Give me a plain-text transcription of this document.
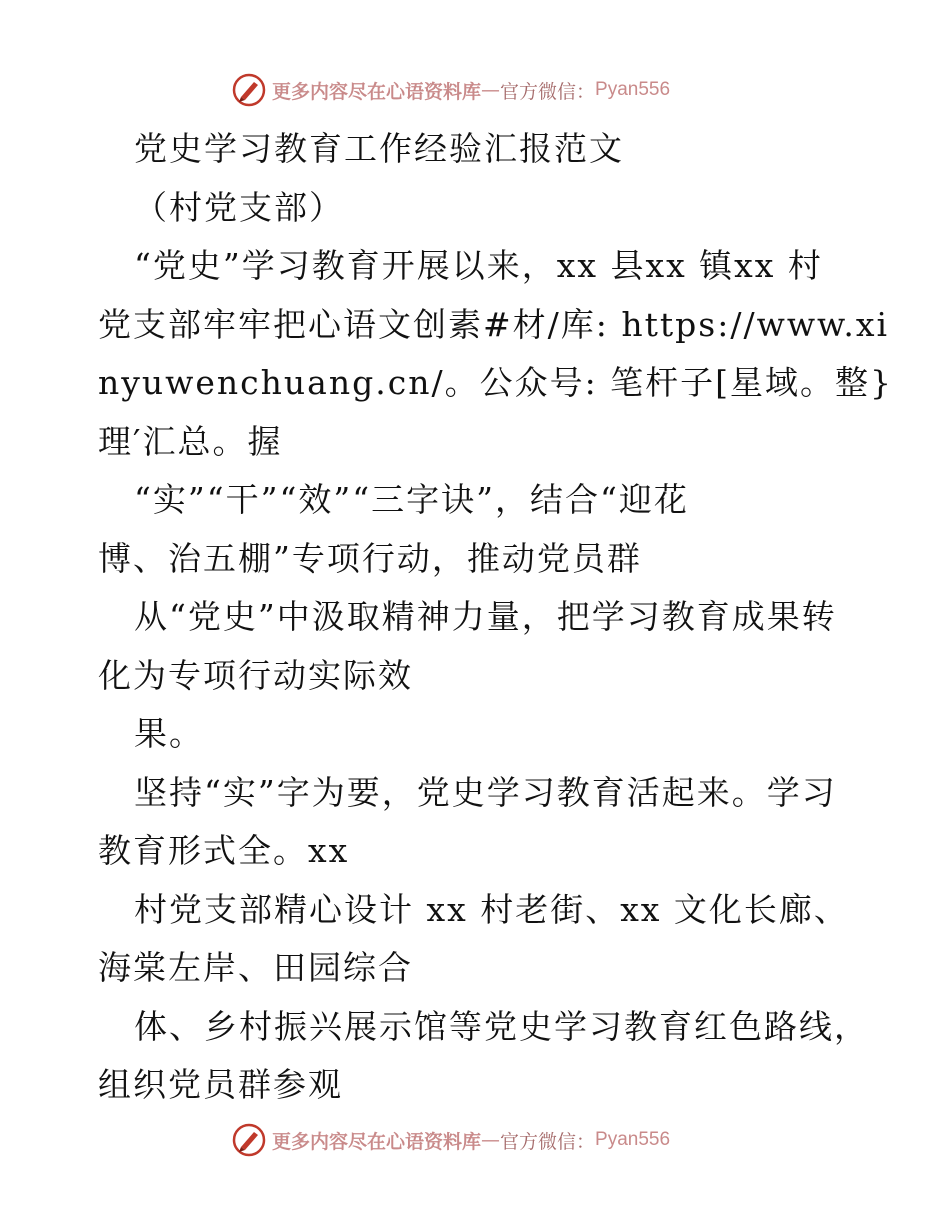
更多内容尽在心语资料库 — 官方微信： Pyan556
党史学习教育工作经验汇报范文
（村党支部）
“党史”学习教育开展以来，xx 县xx 镇xx 村
党支部牢牢把心语文创素#材/库: https://www.xi
nyuwenchuang.cn/。公众号: 笔杆子[星域。整}
理′汇总。握
“实”“干”“效”“三字诀”，结合“迎花
博、治五棚”专项行动，推动党员群
从“党史”中汲取精神力量，把学习教育成果转
化为专项行动实际效
果。
坚持“实”字为要，党史学习教育活起来。学习
教育形式全。xx
村党支部精心设计 xx 村老街、xx 文化长廊、
海棠左岸、田园综合
体、乡村振兴展示馆等党史学习教育红色路线，
组织党员群参观
更多内容尽在心语资料库 — 官方微信： Pyan556
